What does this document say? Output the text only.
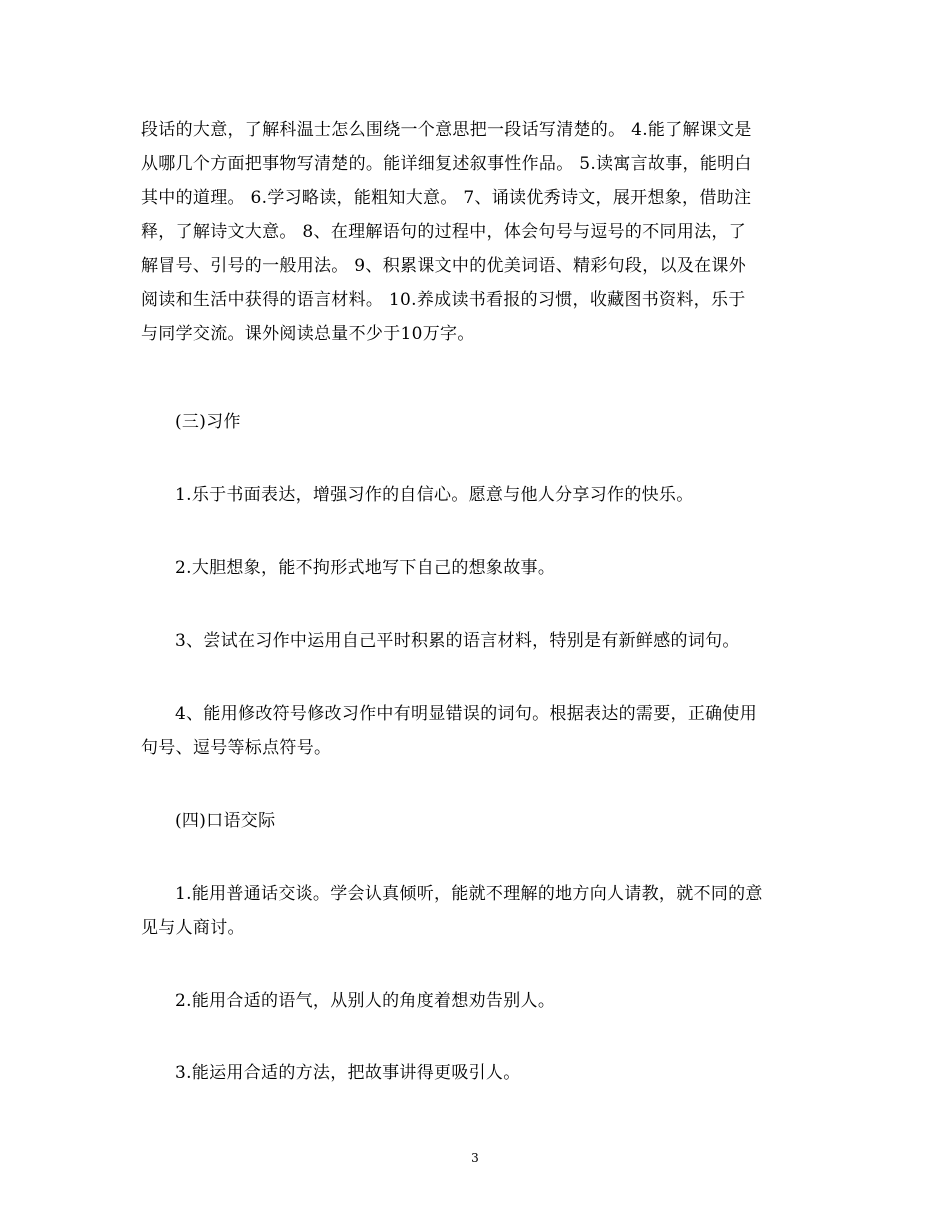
段话的大意，了解科温士怎么围绕一个意思把一段话写清楚的。 4.能了解课文是
从哪几个方面把事物写清楚的。能详细复述叙事性作品。 5.读寓言故事，能明白
其中的道理。 6.学习略读，能粗知大意。 7、诵读优秀诗文，展开想象，借助注
释，了解诗文大意。 8、在理解语句的过程中，体会句号与逗号的不同用法，了
解冒号、引号的一般用法。 9、积累课文中的优美词语、精彩句段，以及在课外
阅读和生活中获得的语言材料。 10.养成读书看报的习惯，收藏图书资料，乐于
与同学交流。课外阅读总量不少于10万字。
(三)习作
1.乐于书面表达，增强习作的自信心。愿意与他人分享习作的快乐。
2.大胆想象，能不拘形式地写下自己的想象故事。
3、尝试在习作中运用自己平时积累的语言材料，特别是有新鲜感的词句。
4、能用修改符号修改习作中有明显错误的词句。根据表达的需要，正确使用
句号、逗号等标点符号。
(四)口语交际
1.能用普通话交谈。学会认真倾听，能就不理解的地方向人请教，就不同的意
见与人商讨。
2.能用合适的语气，从别人的角度着想劝告别人。
3.能运用合适的方法，把故事讲得更吸引人。
3
